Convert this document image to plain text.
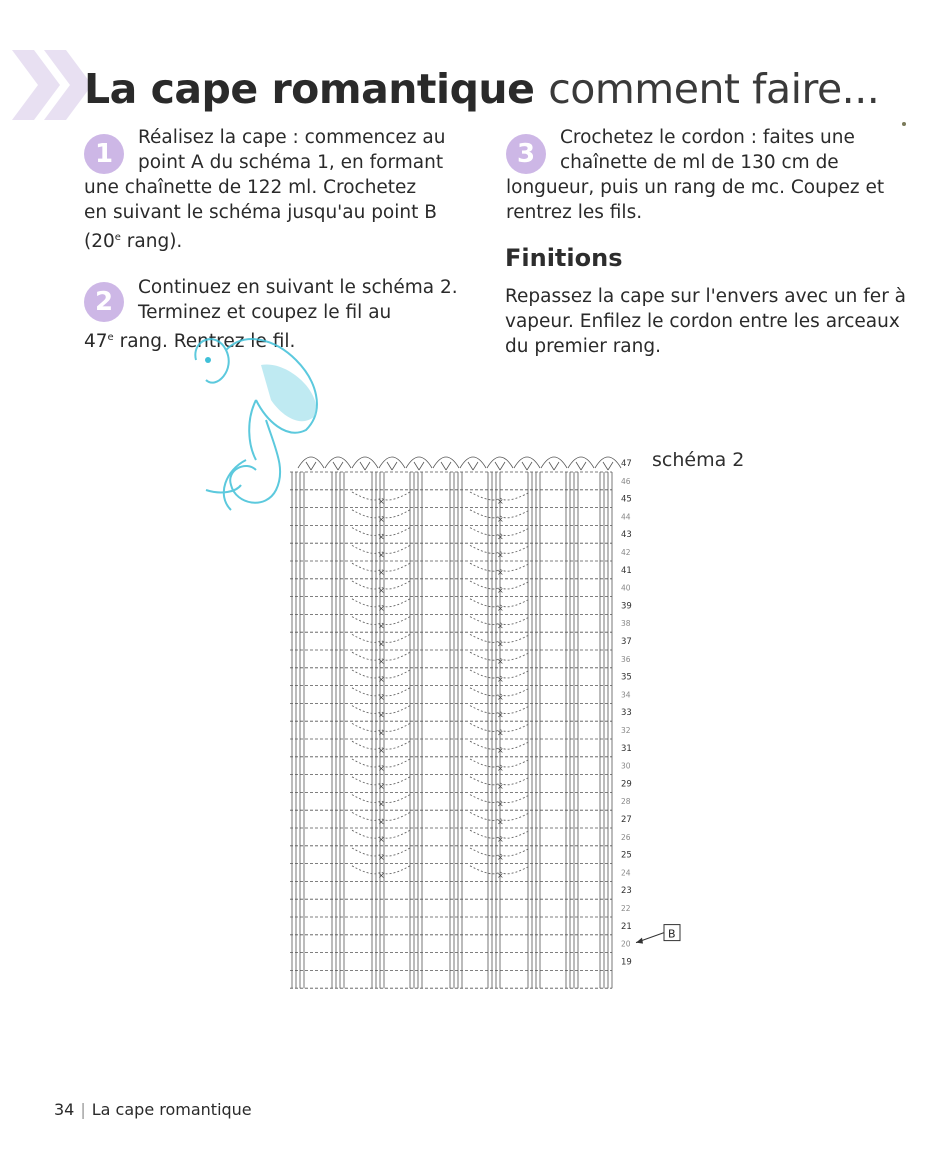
La cape romantique comment faire...
1
Réalisez la cape : commencez au
point A du schéma 1, en formant
une chaînette de 122 ml. Crochetez
en suivant le schéma jusqu'au point B
(20e rang).
2	Continuez en suivant le schéma 2.
Terminez et coupez le fil au
47e rang. Rentrez le fil.
3
Crochetez le cordon : faites une
chaînette de ml de 130 cm de
longueur, puis un rang de mc. Coupez et
rentrez les fils.
Finitions
Repassez la cape sur l'envers avec un fer à
vapeur. Enfilez le cordon entre les arceaux
du premier rang.
×	×
×	×
×	×
×	×
×	×
×	×
×	×
×	×
×	×
×	×
×	×
×	×
×	×
×	×
×	×
×	×
×	×
×	×
×	×
×	×
×	×
×	×
47
46
45
44
43
42
41
40
39
38
37
36
35
34
33
32
31
30
29
28
27
26
25
24
23
22
21
20
19
B
schéma 2
34 | La cape romantique
